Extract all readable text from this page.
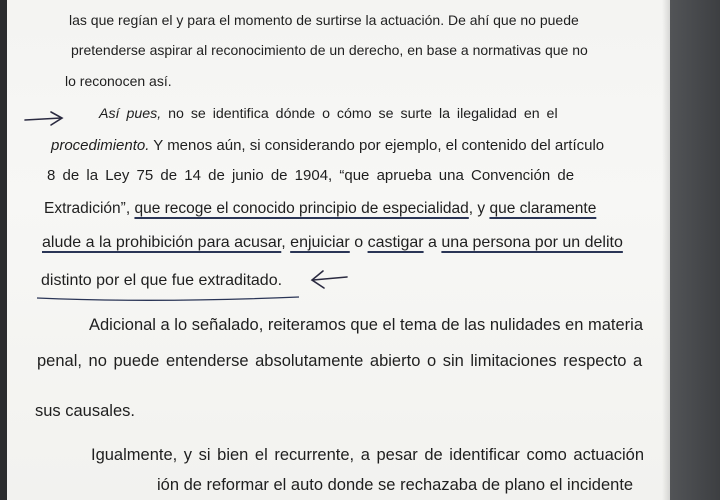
las que regían el y para el momento de surtirse la actuación. De ahí que no puede
pretenderse aspirar al reconocimiento de un derecho, en base a normativas que no
lo reconocen así.
Así pues, no se identifica dónde o cómo se surte la ilegalidad en el
procedimiento. Y menos aún, si considerando por ejemplo, el contenido del artículo
8 de la Ley 75 de 14 de junio de 1904, “que aprueba una Convención de
Extradición”, que recoge el conocido principio de especialidad, y que claramente
alude a la prohibición para acusar, enjuiciar o castigar a una persona por un delito
distinto por el que fue extraditado.
Adicional a lo señalado, reiteramos que el tema de las nulidades en materia
penal, no puede entenderse absolutamente abierto o sin limitaciones respecto a
sus causales.
Igualmente, y si bien el recurrente, a pesar de identificar como actuación
ión de reformar el auto donde se rechazaba de plano el incidente
